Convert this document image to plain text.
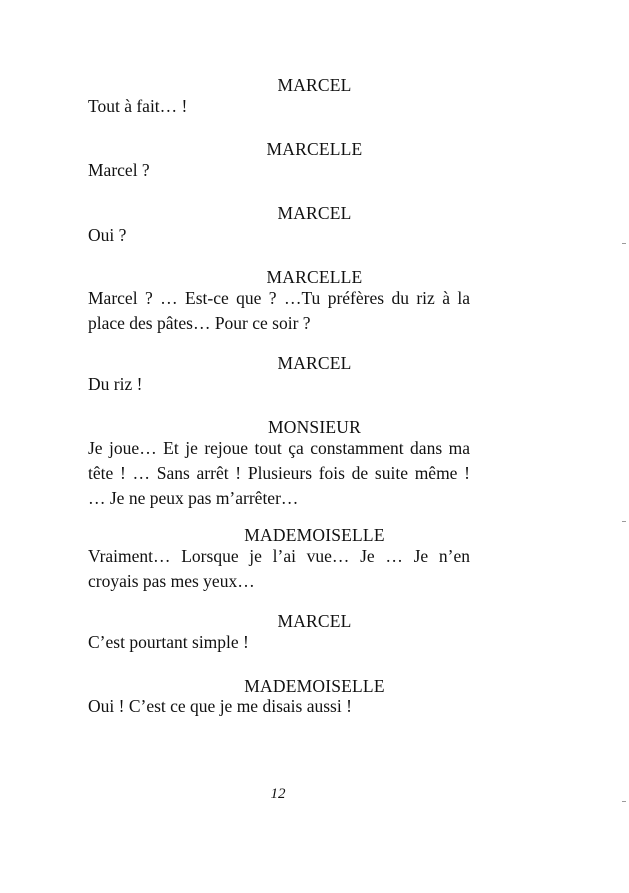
MARCEL
Tout à fait… !
MARCELLE
Marcel ?
MARCEL
Oui ?
MARCELLE
Marcel ? … Est-ce que ? …Tu préfères du riz à la
place des pâtes… Pour ce soir ?
MARCEL
Du riz !
MONSIEUR
Je joue… Et je rejoue tout ça constamment dans ma
tête ! … Sans arrêt ! Plusieurs fois de suite même !
… Je ne peux pas m’arrêter…
MADEMOISELLE
Vraiment… Lorsque je l’ai vue… Je … Je n’en
croyais pas mes yeux…
MARCEL
C’est pourtant simple !
MADEMOISELLE
Oui ! C’est ce que je me disais aussi !
12
